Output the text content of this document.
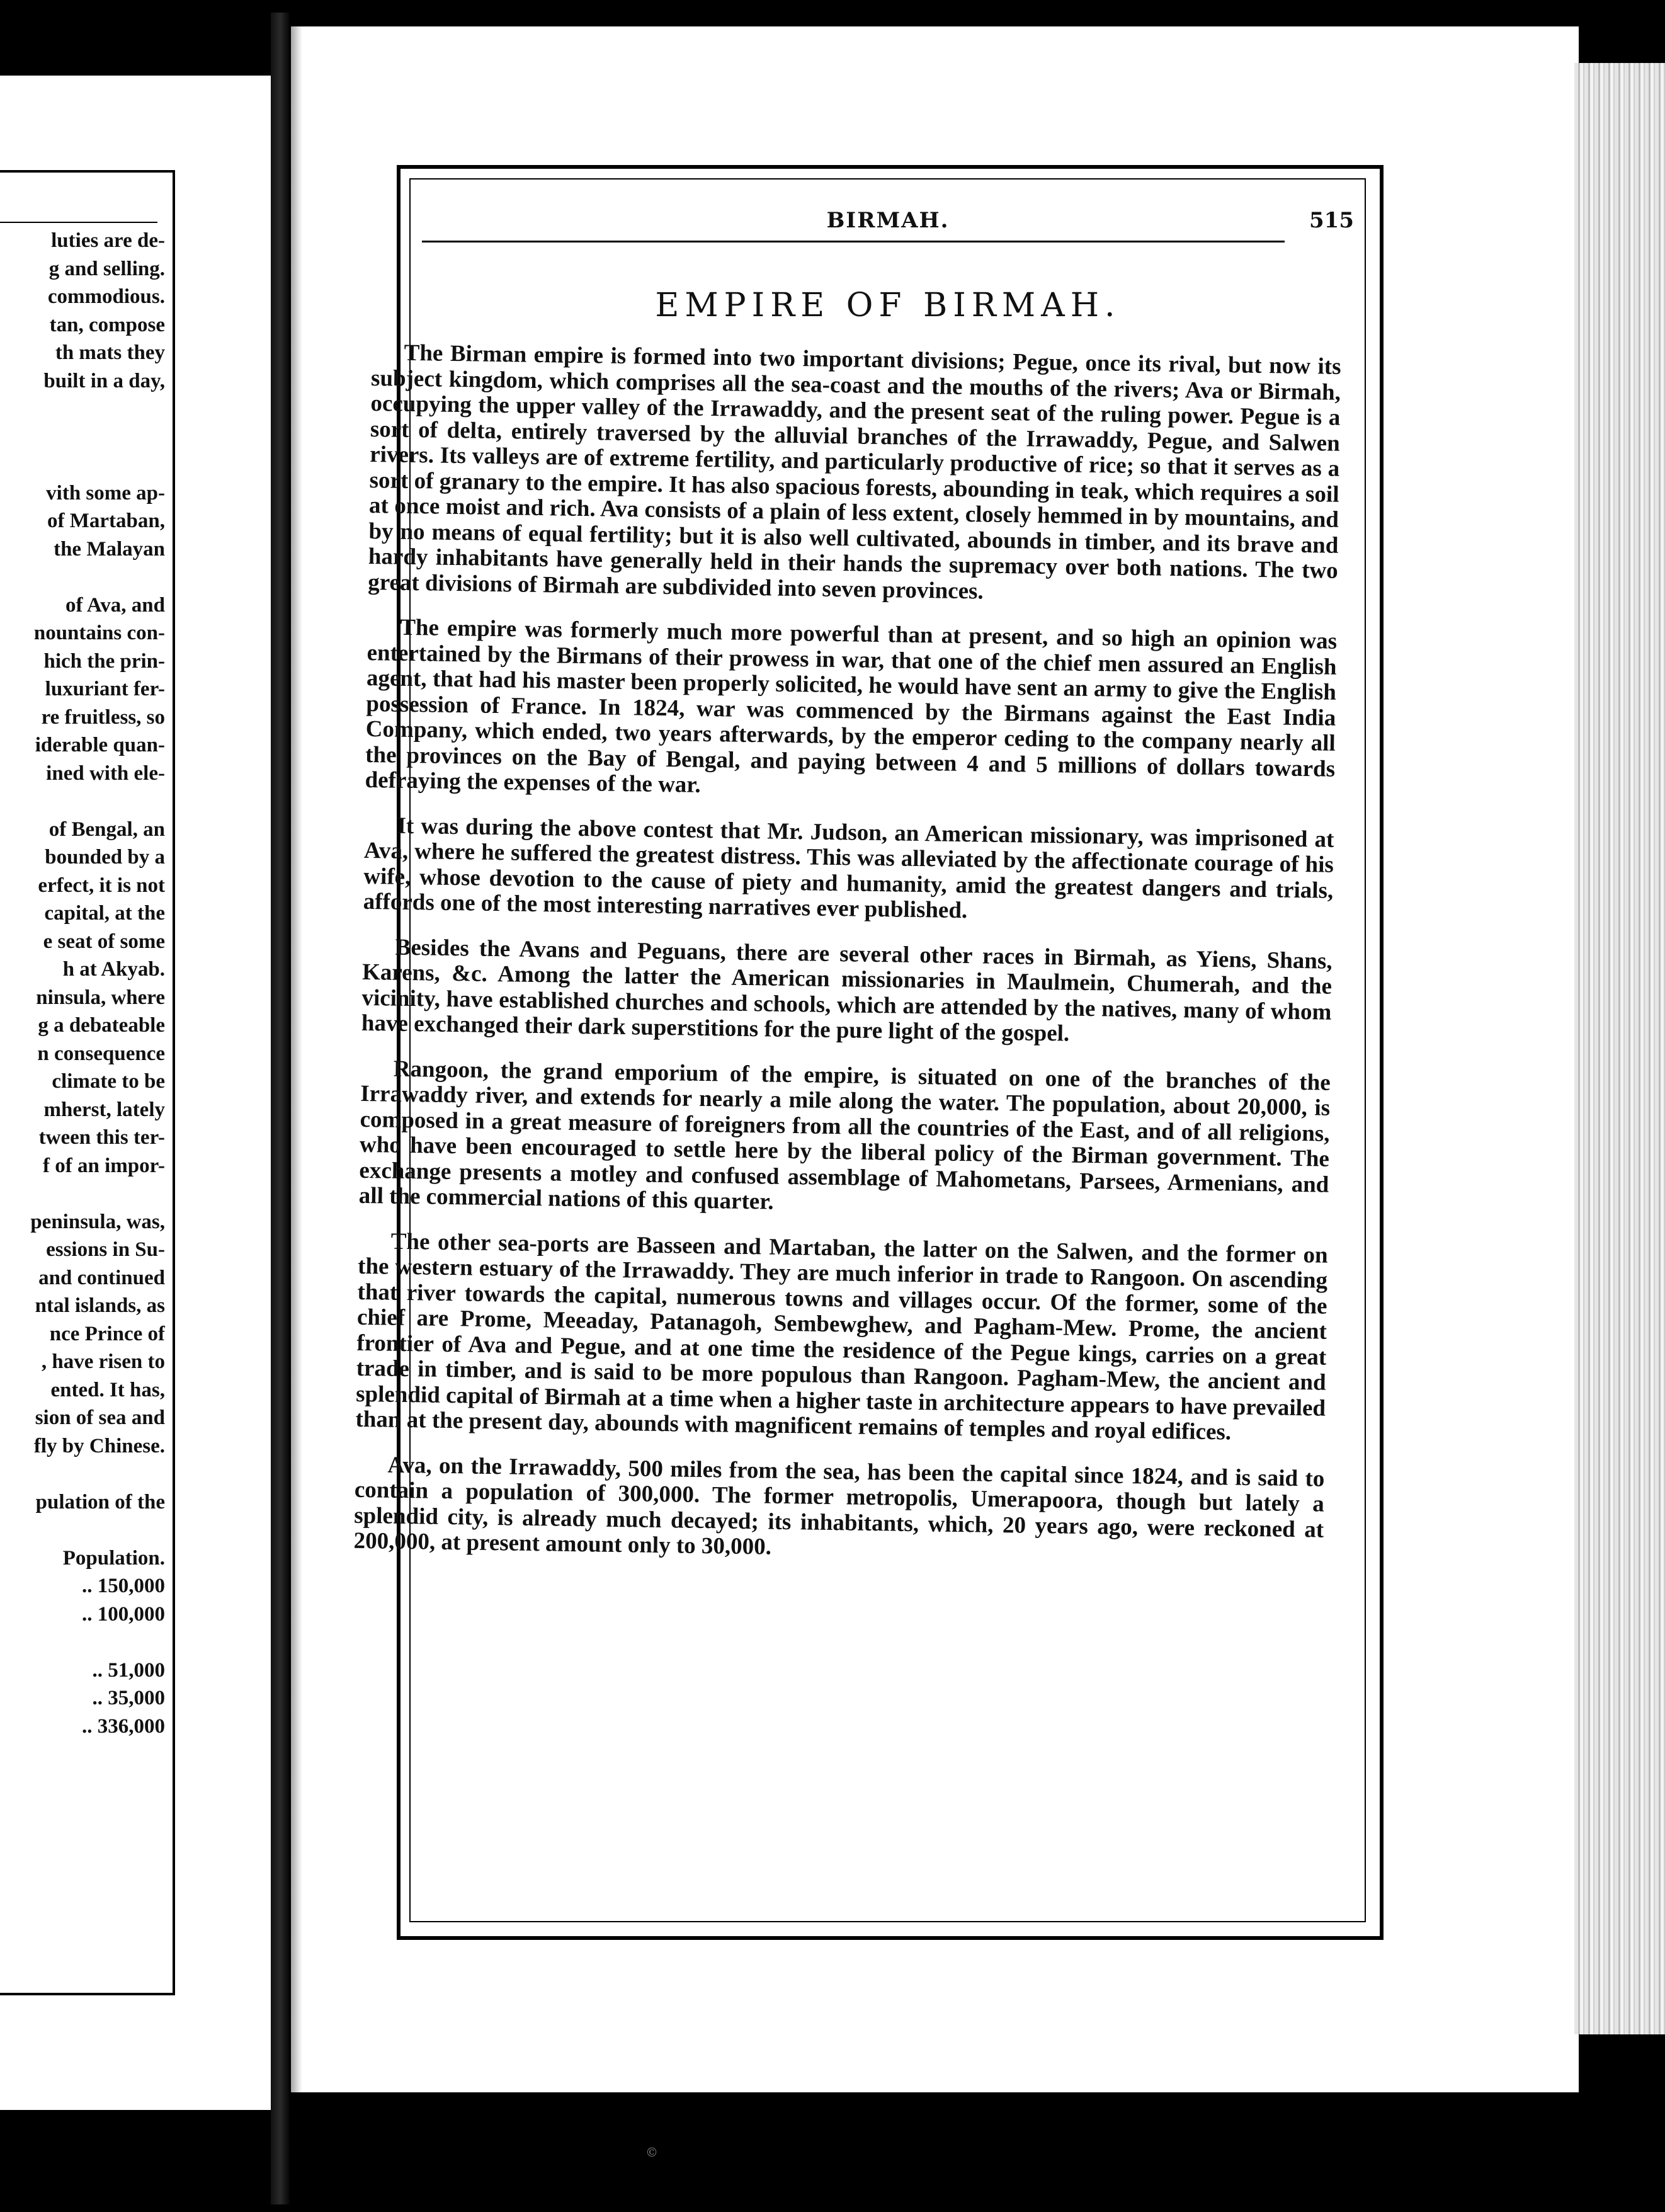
luties are de-
g and selling.
commodious.
tan, compose
th mats they
built in a day,
vith some ap-
of Martaban,
the Malayan
of Ava, and
nountains con-
hich the prin-
luxuriant fer-
re fruitless, so
iderable quan-
ined with ele-
of Bengal, an
bounded by a
erfect, it is not
capital, at the
e seat of some
h at Akyab.
ninsula, where
g a debateable
n consequence
climate to be
mherst, lately
tween this ter-
f of an impor-
peninsula, was,
essions in Su-
and continued
ntal islands, as
nce Prince of
, have risen to
ented. It has,
sion of sea and
fly by Chinese.
pulation of the
Population.
.. 150,000
.. 100,000
.. 51,000
.. 35,000
.. 336,000
BIRMAH.	515
EMPIRE OF BIRMAH.

The Birman empire is formed into two important divisions; Pegue, once its rival, but now its subject kingdom, which comprises all the sea-coast and the mouths of the rivers; Ava or Birmah, occupying the upper valley of the Irrawaddy, and the present seat of the ruling power. Pegue is a sort of delta, entirely traversed by the alluvial branches of the Irrawaddy, Pegue, and Salwen rivers. Its valleys are of extreme fertility, and particularly productive of rice; so that it serves as a sort of granary to the empire. It has also spacious forests, abounding in teak, which requires a soil at once moist and rich. Ava consists of a plain of less extent, closely hemmed in by mountains, and by no means of equal fertility; but it is also well cultivated, abounds in timber, and its brave and hardy inhabitants have generally held in their hands the supremacy over both nations. The two great divisions of Birmah are subdivided into seven provinces.

The empire was formerly much more powerful than at present, and so high an opinion was entertained by the Birmans of their prowess in war, that one of the chief men assured an English agent, that had his master been properly solicited, he would have sent an army to give the English possession of France. In 1824, war was commenced by the Birmans against the East India Company, which ended, two years afterwards, by the emperor ceding to the company nearly all the provinces on the Bay of Bengal, and paying between 4 and 5 millions of dollars towards defraying the expenses of the war.

It was during the above contest that Mr. Judson, an American missionary, was imprisoned at Ava, where he suffered the greatest distress. This was alleviated by the affectionate courage of his wife, whose devotion to the cause of piety and humanity, amid the greatest dangers and trials, affords one of the most interesting narratives ever published.

Besides the Avans and Peguans, there are several other races in Birmah, as Yiens, Shans, Karens, &c. Among the latter the American missionaries in Maulmein, Chumerah, and the vicinity, have established churches and schools, which are attended by the natives, many of whom have exchanged their dark superstitions for the pure light of the gospel.

Rangoon, the grand emporium of the empire, is situated on one of the branches of the Irrawaddy river, and extends for nearly a mile along the water. The population, about 20,000, is composed in a great measure of foreigners from all the countries of the East, and of all religions, who have been encouraged to settle here by the liberal policy of the Birman government. The exchange presents a motley and confused assemblage of Mahometans, Parsees, Armenians, and all the commercial nations of this quarter.

The other sea-ports are Basseen and Martaban, the latter on the Salwen, and the former on the western estuary of the Irrawaddy. They are much inferior in trade to Rangoon. On ascending that river towards the capital, numerous towns and villages occur. Of the former, some of the chief are Prome, Meeaday, Patanagoh, Sembewghew, and Pagham-Mew. Prome, the ancient frontier of Ava and Pegue, and at one time the residence of the Pegue kings, carries on a great trade in timber, and is said to be more populous than Rangoon. Pagham-Mew, the ancient and splendid capital of Birmah at a time when a higher taste in architecture appears to have prevailed than at the present day, abounds with magnificent remains of temples and royal edifices.

Ava, on the Irrawaddy, 500 miles from the sea, has been the capital since 1824, and is said to contain a population of 300,000. The former metropolis, Umerapoora, though but lately a splendid city, is already much decayed; its inhabitants, which, 20 years ago, were reckoned at 200,000, at present amount only to 30,000.

©
